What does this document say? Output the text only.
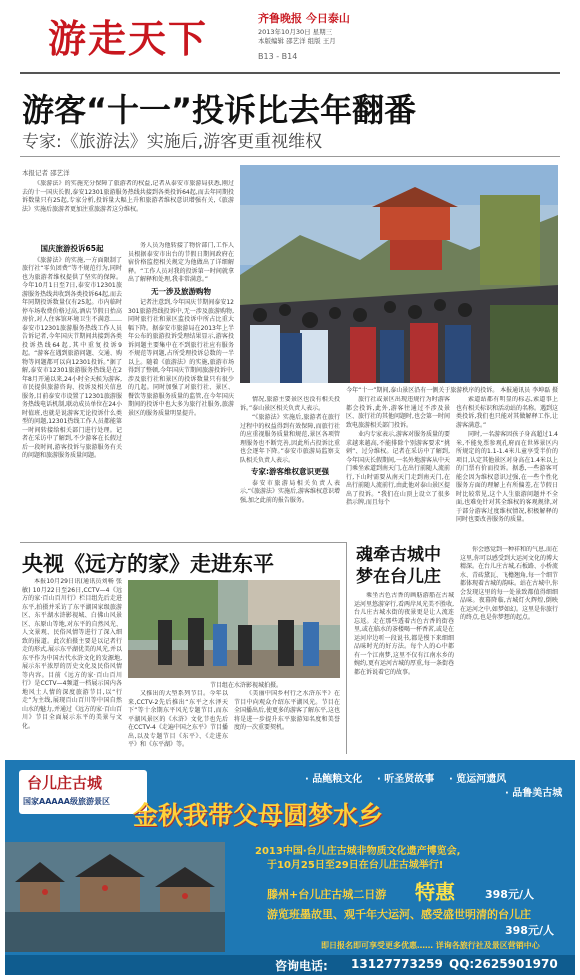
游走天下	齐鲁晚报 今日泰山
2013年10月30日 星期三
本版编辑 邵艺洋 组版 王月
B13 - B14
游客“十一”投诉比去年翻番
专家:《旅游法》实施后,游客更重视维权
本报记者 邵艺洋

《旅游法》的实施充分保障了旅游者的权益,记者从泰安市旅游局获悉,刚过去的十一国庆长假,泰安12301旅游服务热线共接到各类投诉64起,而去年同期投诉数量只有25起,专家分析,投诉量大幅上升和旅游者维权意识增强有关,《旅游法》实施后旅游者更加注重旅游者这分维权。

今年“十一”期间,泰山景区沿有一侧关于旅游秩序的投诉。 本报通讯员 李坤磊 摄
国庆旅游投诉65起

《旅游法》的实施,一方面限制了旅行社“零负团费”等不规范行为,同时也为旅游者维权提供了坚实的保障。今年10月1日至7日,泰安市12301旅游服务热线共收到各类投诉64起,而去年同期投诉数量仅有25起。市内临时停车场收费价格过高,酒店节假日抬高房价,对人住客馆环境卫生不满意……泰安市12301旅游服务热线工作人员告诉记者,今年国庆节期间共接到各类投诉热线64起,其中重复投诉9起。“游客在遇到旅游问题、交通、购物等问题都可以向12301投诉。”据了解,泰安市12301旅游服务热线是在2年8月开通以来,24小时全天候为游客,市民提供旅游咨询、投诉及相关信息服务,目前泰安市设置了12301旅游服务热线电话机制,联动成员单位在24小时值班,也就是说游客无论投诉什么类型的问题,12301热线工作人员都能第一时间转接给相关部门进行处理。记者在采访中了解到,不少游客在长假过后一段时间,游客投诉与旅游服务有关的问题和旅游服务质量问题。

务人员为他转接了物价部门,工作人员根据泰安市出台的节假日期间政府在宿价格监控相关规定为他做出了详细解释。“工作人员对我的投诉第一时间就拿出了解释和处理,我非常满意。”

无一涉及旅游购物

记者注意到,今年国庆节期间泰安12301旅游热线投诉中,无一涉及旅游购物,同时旅行社和景区监投诉中所占比重大幅下降。据泰安市旅游局在2013年上半年公布的旅游投诉受理结果显示,游客投诉问题主要集中在不到旅行社应有服务不规范等问题,占所受理投诉总数的一半以上。随着《旅游法》的实施,旅游市场得到了整顿,今年国庆节期间旅游投诉中,涉及旅行社和景区的投诉数量只有很少的几起。同时加强了对旅行社、景区、餐饮等旅游服务质量的监管,在今年国庆期间的投诉中也大多为旅行社服务,旅游景区的服务质量明显提升。

情况,旅游主要景区也没有相关投诉。”泰山景区相关负责人表示。

“《旅游法》实施后,旅游者在旅行过程中的权益得到有效保障,而旅行社的应重视服务质量和规范,景区各项管理服务也不断完善,因此所占投诉比重也会逐年下降。”泰安市旅游局监察支队相关负责人表示。

专家:游客维权意识更强

泰安市旅游局相关负责人表示,“《旅游法》实施后,游客维权意识增强,加之此前的报告服务。

旅行社或景区出现违规行为时游客都会投诉,此外,游客往通过不涉及景区、旅行社的其他问题时,也会第一时间致电旅游相关部门投诉。

业内专家表示,游客对服务质量的要求越来越高,不能排除个别游客要求“挑刺”、过分维权。记者在采访中了解到,今年国庆长假期间,一名外地游客从中天门乘坐索道到南天门,在出行前随人流前行,下山时需要从南天门走到南天门,在出行前随人流前行,由此他对泰山景区提出了投诉。“我们在山顶上设立了很多指示牌,而且每个

索道站都有明显的标志,索道事上也有相关标识和活动站的名称。遇到这类投诉,我们也只能对其做解释工作,让游客满意。”

同时,一名游客因孩子身高超过1.4米,不能免票参观孔府而在世界景区内所规定的的1.1-1.4米儿童享受半价的项目,认定其他景区对身高在1.4米以上的门票有价而投诉。据悉,一些游客可能会因为维权意识过强,在一些个性化服务方面的理解上有所偏差,在节假日时比较常见,这个人生旅游问题并不全面,也难免针对其全维权的客观规律,对于部分游客过度维权情况,积极解释的同时也要改善服务的质量。

央视《远方的家》走进东平

本报10月29日讯(通讯员刘畅 张敏) 10月22日至26日,CCTV—4《远方的家·百山百川行》栏目组先后走进东平,拍摄并采访了东平湖国家级旅游区、东平湖水浒影视城、白佛山风景区、东原山等地,对东平的自然风光、人文景观、民俗风情等进行了深入细致的报道。此次拍摄主要是以记者行走的形式,展示东平湖优美的风光,并以东平作为中国古代水浒文化的发源地,展示东平浓厚的历史文化及民俗风情等内容。目前《远方的家·百山百川行》是CCTV—4频道一档展示国内各地风土人情的深度旅游节目,以“行走”为主线,展现百山百川等中国自然山水的魅力,并通过《远方的家·百山百川》节目全面展示东平的美景与文化。

节目组在水浒影视城拍摄。

又推出的大型系列节目。今年以来,CCTV-2先后推出“东平之水泽天下”等十余期东平风光专题节目,而东平湖风景区的《水浒》文化节也先后在CCTV-4《走遍中国之东平》节目播出,以及专题节目《东平》、《走进东平》和《东平湖》等。

《美丽中国乡村行之水浒东平》在节目中向观众介绍东平湖风光。节目在全国播出后,使更多的游客了解东平,这也将是进一步提升东平旅游知名度和美誉度的一次重要契机。

魂牵古城中
梦在台儿庄

乘坐古色古香的画舫游船在古城运河里悠游穿行,看两岸风光美不胜收,台儿庄古城水街的夜景更是让人流连忘返。走在那些透着古色古香的街巷里,或在临水的茶楼喝一杯香茗,或是在运河岸边听一段说书,都是慢下来细细品味时光的好方法。每个人的心中都有一个江南梦,这里不仅有江南水乡的婉约,更有运河古城的厚重,每一条街巷都在诉说着它的故事。

你会感觉到一种祥和的气息,而在这里,你可以感受到大运河文化的博大精深。在台儿庄古城,石板路、小桥流水、青砖黛瓦、飞檐翘角,每一个细节都体现着古城的韵味。站在古城中,你会发现这里的每一处景致都值得细细品味。夜幕降临,古城灯火辉煌,倒映在运河之中,如梦如幻。这里是你旅行的终点,也是你梦想的起点。

台儿庄古城
国家AAAAA级旅游景区
· 品鲍粮文化 · 听圣贤故事 · 览运河遗风
· 品鲁美古城
金秋我带父母圆梦水乡
2013中国·台儿庄古城非物质文化遗产博览会,
于10月25日至29日在台儿庄古城举行!
滕州+台儿庄古城二日游 特惠	398元/人
游览班墨故里、观千年大运河、感受盛世明清的台儿庄
398元/人
即日报名即可享受更多优惠…… 详询各旅行社及景区营销中心
咨询电话: 13127773259 QQ:2625901970
